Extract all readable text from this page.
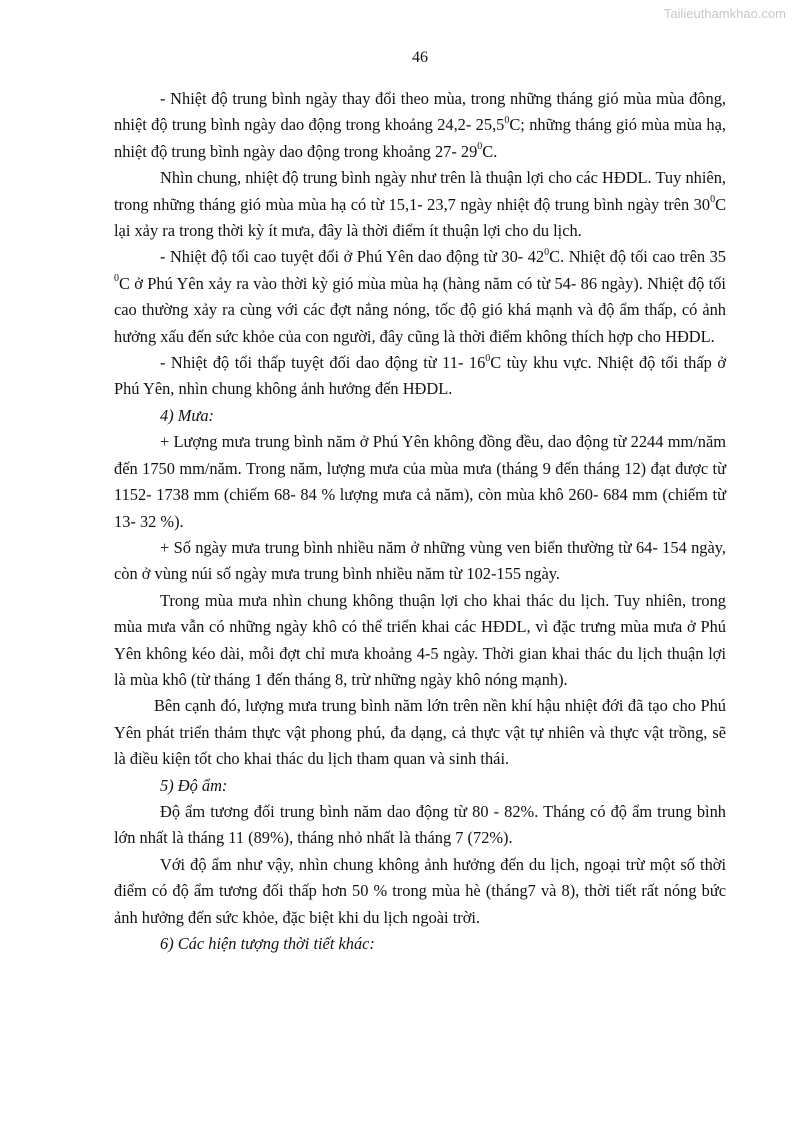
Tailieuthamkhao.com
46

- Nhiệt độ trung bình ngày thay đổi theo mùa, trong những tháng gió mùa mùa đông, nhiệt độ trung bình ngày dao động trong khoảng 24,2- 25,5$^0$C; những tháng gió mùa mùa hạ, nhiệt độ trung bình ngày dao động trong khoảng 27- $29^0C$.

Nhìn chung, nhiệt độ trung bình ngày như trên là thuận lợi cho các HĐDL. Tuy nhiên, trong những tháng gió mùa mùa hạ có từ 15,1- 23,7 ngày nhiệt độ trung bình ngày trên $30^0C$ lại xảy ra trong thời kỳ ít mưa, đây là thời điểm ít thuận lợi cho du lịch.

- Nhiệt độ tối cao tuyệt đối ở Phú Yên dao động từ 30- $42^0C$. Nhiệt độ tối cao trên 35 $^0$C ở Phú Yên xảy ra vào thời kỳ gió mùa mùa hạ (hàng năm có từ 54- 86 ngày). Nhiệt độ tối cao thường xảy ra cùng với các đợt nắng nóng, tốc độ gió khá mạnh và độ ẩm thấp, có ảnh hưởng xấu đến sức khỏe của con người, đây cũng là thời điểm không thích hợp cho HĐDL.

- Nhiệt độ tối thấp tuyệt đối dao động từ 11- $16^0C$ tùy khu vực. Nhiệt độ tối thấp ở Phú Yên, nhìn chung không ảnh hưởng đến HĐDL.

4) Mưa:

+ Lượng mưa trung bình năm ở Phú Yên không đồng đều, dao động từ 2244 mm/năm đến 1750 mm/năm. Trong năm, lượng mưa của mùa mưa (tháng 9 đến tháng 12) đạt được từ 1152- 1738 mm (chiếm 68- 84 % lượng mưa cả năm), còn mùa khô 260- 684 mm (chiếm từ 13- 32 %).

+ Số ngày mưa trung bình nhiều năm ở những vùng ven biển thường từ 64- 154 ngày, còn ở vùng núi số ngày mưa trung bình nhiều năm từ 102-155 ngày.

Trong mùa mưa nhìn chung không thuận lợi cho khai thác du lịch. Tuy nhiên, trong mùa mưa vẫn có những ngày khô có thể triển khai các HĐDL, vì đặc trưng mùa mưa ở Phú Yên không kéo dài, mỗi đợt chỉ mưa khoảng 4-5 ngày. Thời gian khai thác du lịch thuận lợi là mùa khô (từ tháng 1 đến tháng 8, trừ những ngày khô nóng mạnh).

Bên cạnh đó, lượng mưa trung bình năm lớn trên nền khí hậu nhiệt đới đã tạo cho Phú Yên phát triển thảm thực vật phong phú, đa dạng, cả thực vật tự nhiên và thực vật trồng, sẽ là điều kiện tốt cho khai thác du lịch tham quan và sinh thái.

5) Độ ẩm:

Độ ẩm tương đối trung bình năm dao động từ 80 - 82%. Tháng có độ ẩm trung bình lớn nhất là tháng 11 (89%), tháng nhỏ nhất là tháng 7 (72%).

Với độ ẩm như vậy, nhìn chung không ảnh hưởng đến du lịch, ngoại trừ một số thời điểm có độ ẩm tương đối thấp hơn 50 % trong mùa hè (tháng7 và 8), thời tiết rất nóng bức ảnh hưởng đến sức khỏe, đặc biệt khi du lịch ngoài trời.

6) Các hiện tượng thời tiết khác:
